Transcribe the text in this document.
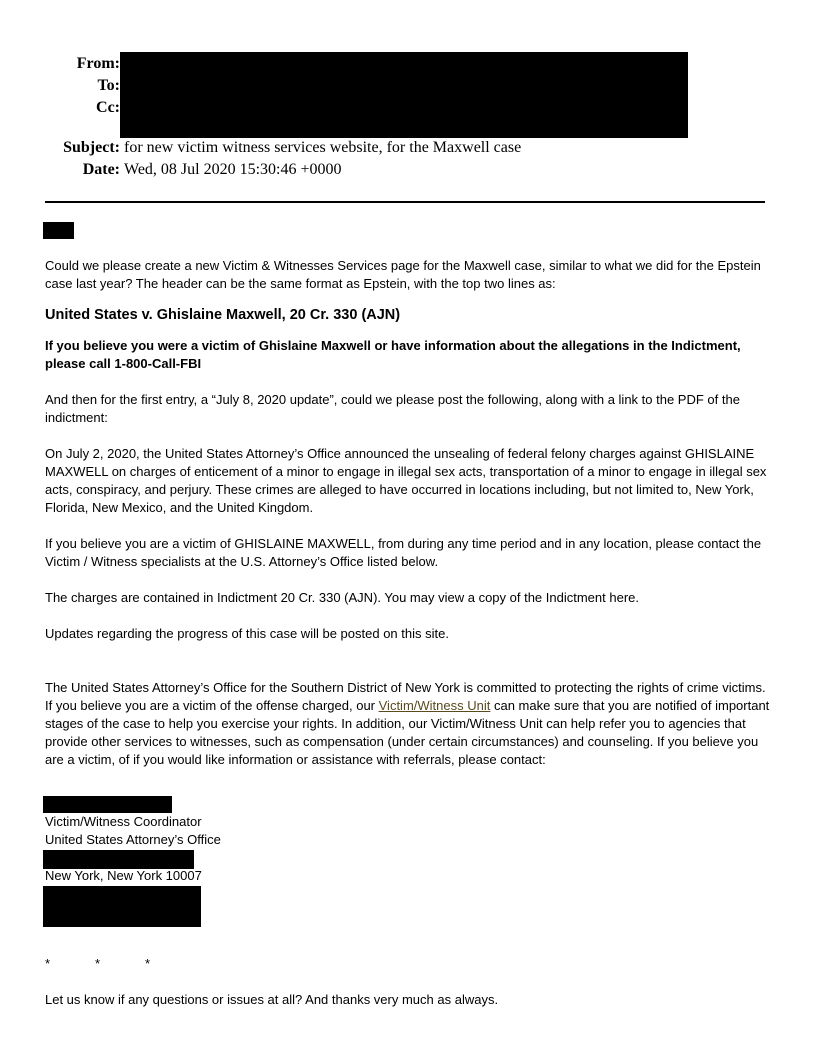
From:
To:
Cc:
Subject: for new victim witness services website, for the Maxwell case
Date: Wed, 08 Jul 2020 15:30:46 +0000

Could we please create a new Victim & Witnesses Services page for the Maxwell case, similar to what we did for the Epstein case last year? The header can be the same format as Epstein, with the top two lines as:

United States v. Ghislaine Maxwell, 20 Cr. 330 (AJN)

If you believe you were a victim of Ghislaine Maxwell or have information about the allegations in the Indictment, please call 1-800-Call-FBI

And then for the first entry, a “July 8, 2020 update”, could we please post the following, along with a link to the PDF of the indictment:

On July 2, 2020, the United States Attorney’s Office announced the unsealing of federal felony charges against GHISLAINE MAXWELL on charges of enticement of a minor to engage in illegal sex acts, transportation of a minor to engage in illegal sex acts, conspiracy, and perjury. These crimes are alleged to have occurred in locations including, but not limited to, New York, Florida, New Mexico, and the United Kingdom.

If you believe you are a victim of GHISLAINE MAXWELL, from during any time period and in any location, please contact the Victim / Witness specialists at the U.S. Attorney’s Office listed below.

The charges are contained in Indictment 20 Cr. 330 (AJN). You may view a copy of the Indictment here.

Updates regarding the progress of this case will be posted on this site.

The United States Attorney’s Office for the Southern District of New York is committed to protecting the rights of crime victims. If you believe you are a victim of the offense charged, our Victim/Witness Unit can make sure that you are notified of important stages of the case to help you exercise your rights. In addition, our Victim/Witness Unit can help refer you to agencies that provide other services to witnesses, such as compensation (under certain circumstances) and counseling. If you believe you are a victim, of if you would like information or assistance with referrals, please contact:

Victim/Witness Coordinator

United States Attorney’s Office

New York, New York 10007

*	*	*

Let us know if any questions or issues at all? And thanks very much as always.
